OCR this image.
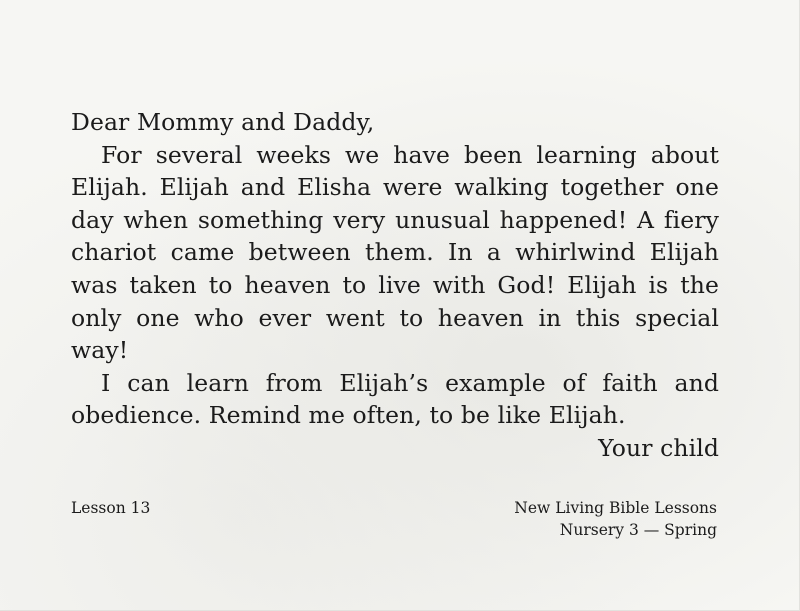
Dear Mommy and Daddy,

For several weeks we have been learning about Elijah. Elijah and Elisha were walking together one day when something very unusual happened! A fiery chariot came between them. In a whirlwind Elijah was taken to heaven to live with God! Elijah is the only one who ever went to heaven in this special way!

I can learn from Elijah’s example of faith and obedience. Remind me often, to be like Elijah.

Your child

Lesson 13	New Living Bible Lessons
Nursery 3 — Spring
